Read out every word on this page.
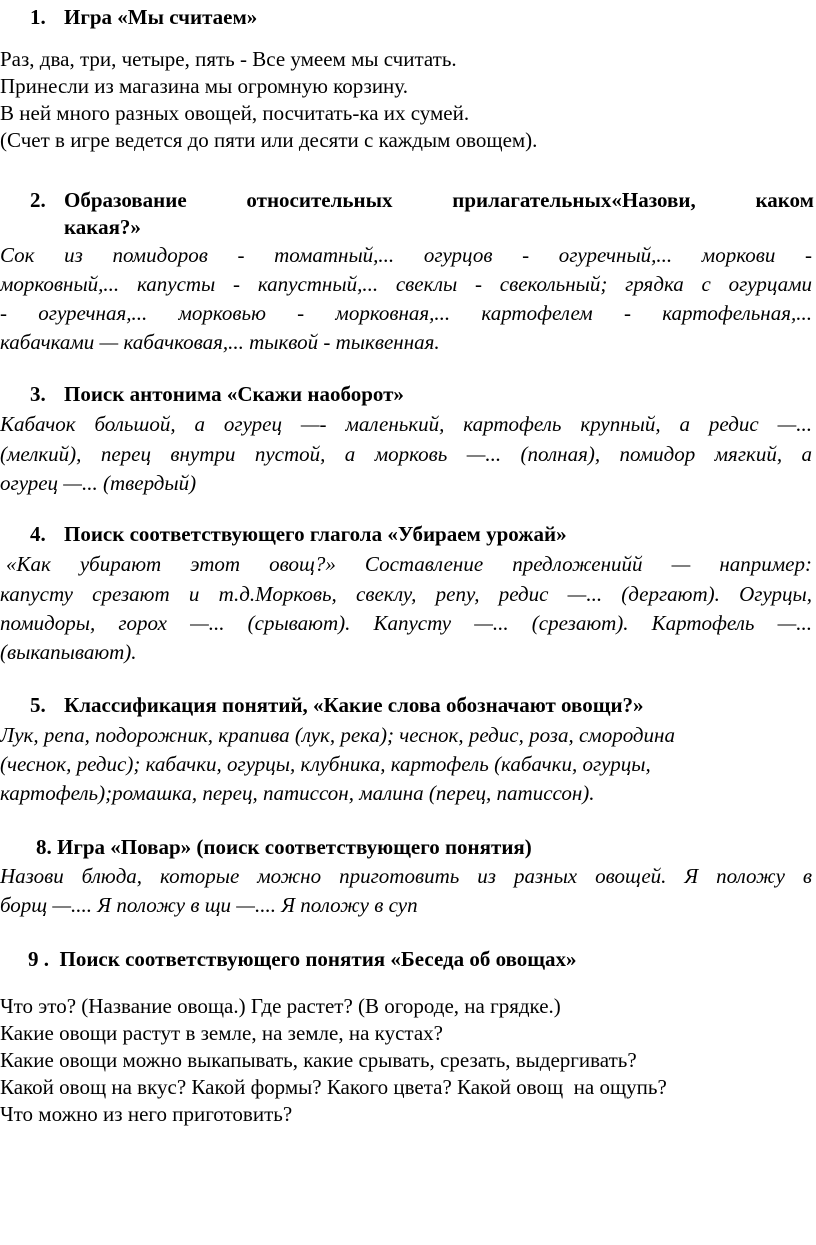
1. Игра «Мы считаем»
Раз, два, три, четыре, пять - Все умеем мы считать.
Принесли из магазина мы огромную корзину.
В ней много разных овощей, посчитать-ка их сумей.
(Счет в игре ведется до пяти или десяти с каждым овощем).
2. Образование	относительных	прилагательных«Назови,	каком
какая?»
Сок из помидоров - томатный,... огурцов - огуречный,... моркови -
морковный,... капусты - капустный,... свеклы - свекольный; грядка с огурцами
- огуречная,... морковью - морковная,... картофелем - картофельная,...
кабачками — кабачковая,... тыквой - тыквенная.
3. Поиск антонима «Скажи наоборот»
Кабачок большой, а огурец —- маленький, картофель крупный, а редис —...
(мелкий), перец внутри пустой, а морковь —... (полная), помидор мягкий, а
огурец —... (твердый)
4. Поиск соответствующего глагола «Убираем урожай»
«Как убирают этот овощ?» Составление предложенийй — например:
капусту срезают и т.д.Морковь, свеклу, репу, редис —... (дергают). Огурцы,
помидоры, горох —... (срывают). Капусту —... (срезают). Картофель —...
(выкапывают).
5. Классификация понятий, «Какие слова обозначают овощи?»
Лук, репа, подорожник, крапива (лук, река); чеснок, редис, роза, смородина
(чеснок, редис); кабачки, огурцы, клубника, картофель (кабачки, огурцы,
картофель);ромашка, перец, патиссон, малина (перец, патиссон).
8. Игра «Повар» (поиск соответствующего понятия)
Назови блюда, которые можно приготовить из разных овощей. Я положу в
борщ —.... Я положу в щи —.... Я положу в суп
9 .  Поиск соответствующего понятия «Беседа об овощах»
Что это? (Название овоща.) Где растет? (В огороде, на грядке.)
Какие овощи растут в земле, на земле, на кустах?
Какие овощи можно выкапывать, какие срывать, срезать, выдергивать?
Какой овощ на вкус? Какой формы? Какого цвета? Какой овощ  на ощупь?
Что можно из него приготовить?
